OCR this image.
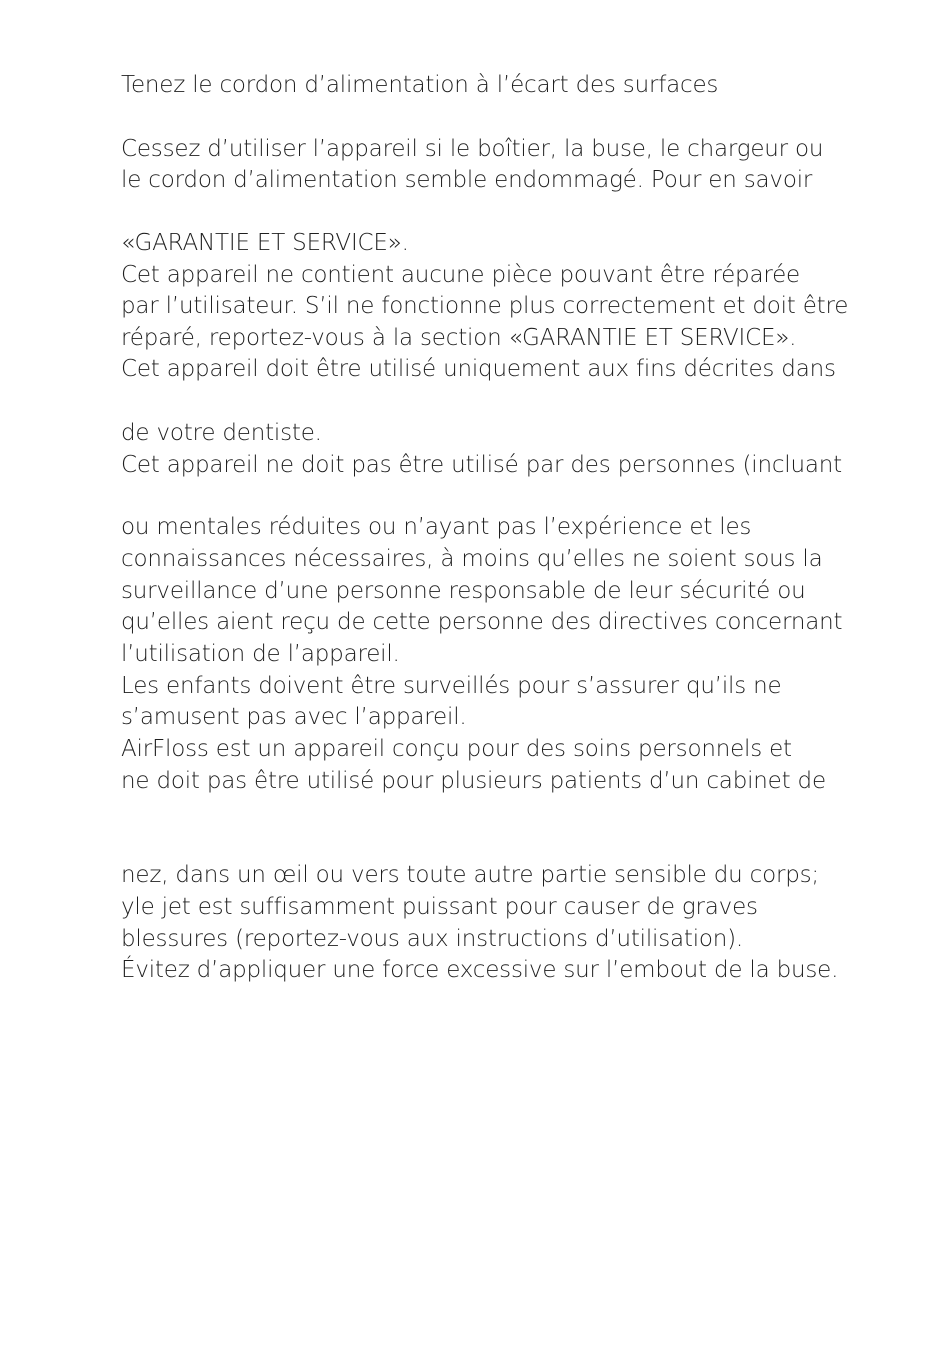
Tenez le cordon d’alimentation à l’écart des surfaces
Cessez d’utiliser l’appareil si le boîtier, la buse, le chargeur ou
le cordon d’alimentation semble endommagé. Pour en savoir
«GARANTIE ET SERVICE».
Cet appareil ne contient aucune pièce pouvant être réparée
par l’utilisateur. S’il ne fonctionne plus correctement et doit être
réparé, reportez-vous à la section «GARANTIE ET SERVICE».
Cet appareil doit être utilisé uniquement aux fins décrites dans
de votre dentiste.
Cet appareil ne doit pas être utilisé par des personnes (incluant
ou mentales réduites ou n’ayant pas l’expérience et les
connaissances nécessaires, à moins qu’elles ne soient sous la
surveillance d’une personne responsable de leur sécurité ou
qu’elles aient reçu de cette personne des directives concernant
l’utilisation de l’appareil.
Les enfants doivent être surveillés pour s’assurer qu’ils ne
s’amusent pas avec l’appareil.
AirFloss est un appareil conçu pour des soins personnels et
ne doit pas être utilisé pour plusieurs patients d’un cabinet de
nez, dans un œil ou vers toute autre partie sensible du corps;
yle jet est suffisamment puissant pour causer de graves
blessures (reportez-vous aux instructions d’utilisation).
Évitez d’appliquer une force excessive sur l’embout de la buse.
